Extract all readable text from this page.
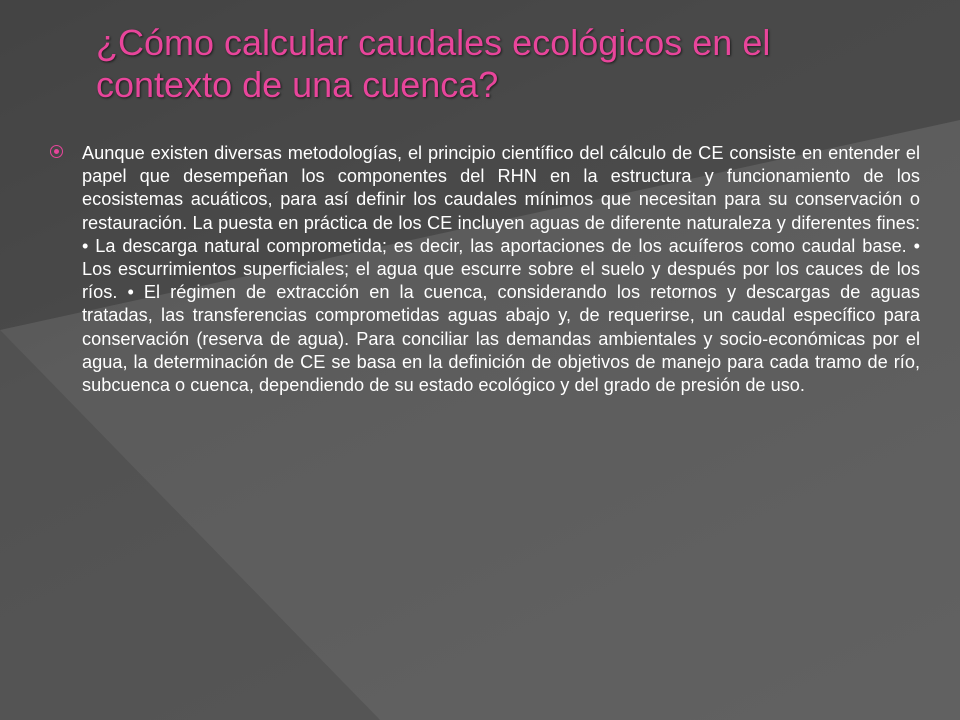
¿Cómo calcular caudales ecológicos en el contexto de una cuenca?

Aunque existen diversas metodologías, el principio científico del cálculo de CE consiste en entender el papel que desempeñan los componentes del RHN en la estructura y funcionamiento de los ecosistemas acuáticos, para así definir los caudales mínimos que necesitan para su conservación o restauración. La puesta en práctica de los CE incluyen aguas de diferente naturaleza y diferentes fines: • La descarga natural comprometida; es decir, las aportaciones de los acuíferos como caudal base. • Los escurrimientos superficiales; el agua que escurre sobre el suelo y después por los cauces de los ríos. • El régimen de extracción en la cuenca, considerando los retornos y descargas de aguas tratadas, las transferencias comprometidas aguas abajo y, de requerirse, un caudal específico para conservación (reserva de agua). Para conciliar las demandas ambientales y socio-económicas por el agua, la determinación de CE se basa en la definición de objetivos de manejo para cada tramo de río, subcuenca o cuenca, dependiendo de su estado ecológico y del grado de presión de uso.
